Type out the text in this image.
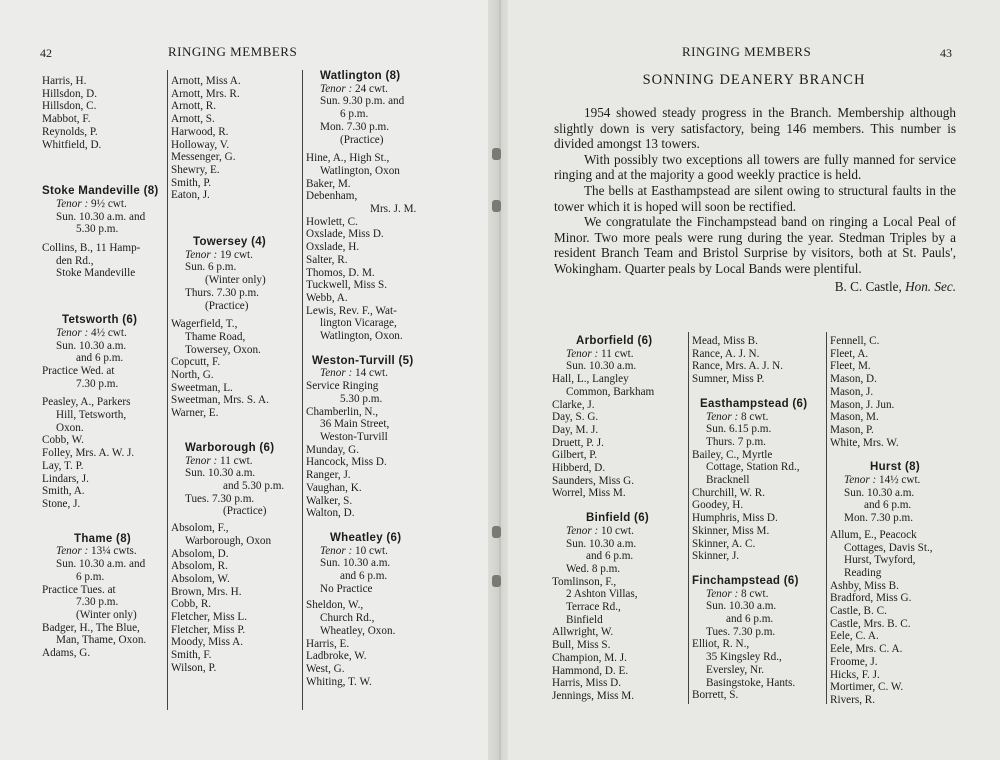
42	RINGING MEMBERS
Harris, H.
Hillsdon, D.
Hillsdon, C.
Mabbot, F.
Reynolds, P.
Whitfield, D.
Stoke Mandeville (8)
Tenor : 9½ cwt.
Sun. 10.30 a.m. and
5.30 p.m.
Collins, B., 11 Hamp-
den Rd.,
Stoke Mandeville
Tetsworth (6)
Tenor : 4½ cwt.
Sun. 10.30 a.m.
and 6 p.m.
Practice Wed. at
7.30 p.m.
Peasley, A., Parkers
Hill, Tetsworth,
Oxon.
Cobb, W.
Folley, Mrs. A. W. J.
Lay, T. P.
Lindars, J.
Smith, A.
Stone, J.
Thame (8)
Tenor : 13¼ cwts.
Sun. 10.30 a.m. and
6 p.m.
Practice Tues. at
7.30 p.m.
(Winter only)
Badger, H., The Blue,
Man, Thame, Oxon.
Adams, G.
Arnott, Miss A.
Arnott, Mrs. R.
Arnott, R.
Arnott, S.
Harwood, R.
Holloway, V.
Messenger, G.
Shewry, E.
Smith, P.
Eaton, J.
Towersey (4)
Tenor : 19 cwt.
Sun. 6 p.m.
(Winter only)
Thurs. 7.30 p.m.
(Practice)
Wagerfield, T.,
Thame Road,
Towersey, Oxon.
Copcutt, F.
North, G.
Sweetman, L.
Sweetman, Mrs. S. A.
Warner, E.
Warborough (6)
Tenor : 11 cwt.
Sun. 10.30 a.m.
and 5.30 p.m.
Tues. 7.30 p.m.
(Practice)
Absolom, F.,
Warborough, Oxon
Absolom, D.
Absolom, R.
Absolom, W.
Brown, Mrs. H.
Cobb, R.
Fletcher, Miss L.
Fletcher, Miss P.
Moody, Miss A.
Smith, F.
Wilson, P.
Watlington (8)
Tenor : 24 cwt.
Sun. 9.30 p.m. and
6 p.m.
Mon. 7.30 p.m.
(Practice)
Hine, A., High St.,
Watlington, Oxon
Baker, M.
Debenham,
Mrs. J. M.
Howlett, C.
Oxslade, Miss D.
Oxslade, H.
Salter, R.
Thomos, D. M.
Tuckwell, Miss S.
Webb, A.
Lewis, Rev. F., Wat-
lington Vicarage,
Watlington, Oxon.
Weston-Turvill (5)
Tenor : 14 cwt.
Service Ringing
5.30 p.m.
Chamberlin, N.,
36 Main Street,
Weston-Turvill
Munday, G.
Hancock, Miss D.
Ranger, J.
Vaughan, K.
Walker, S.
Walton, D.
Wheatley (6)
Tenor : 10 cwt.
Sun. 10.30 a.m.
and 6 p.m.
No Practice
Sheldon, W.,
Church Rd.,
Wheatley, Oxon.
Harris, E.
Ladbroke, W.
West, G.
Whiting, T. W.
RINGING MEMBERS	43
SONNING DEANERY BRANCH

1954 showed steady progress in the Branch. Membership although slightly down is very satisfactory, being 146 members. This number is divided amongst 13 towers.

With possibly two exceptions all towers are fully manned for service ringing and at the majority a good weekly practice is held.

The bells at Easthampstead are silent owing to structural faults in the tower which it is hoped will soon be rectified.

We congratulate the Finchampstead band on ringing a Local Peal of Minor. Two more peals were rung during the year. Stedman Triples by a resident Branch Team and Bristol Surprise by visitors, both at St. Pauls', Wokingham. Quarter peals by Local Bands were plentiful.

B. C. Castle, Hon. Sec.
Arborfield (6)
Tenor : 11 cwt.
Sun. 10.30 a.m.
Hall, L., Langley
Common, Barkham
Clarke, J.
Day, S. G.
Day, M. J.
Druett, P. J.
Gilbert, P.
Hibberd, D.
Saunders, Miss G.
Worrel, Miss M.
Binfield (6)
Tenor : 10 cwt.
Sun. 10.30 a.m.
and 6 p.m.
Wed. 8 p.m.
Tomlinson, F.,
2 Ashton Villas,
Terrace Rd.,
Binfield
Allwright, W.
Bull, Miss S.
Champion, M. J.
Hammond, D. E.
Harris, Miss D.
Jennings, Miss M.
Mead, Miss B.
Rance, A. J. N.
Rance, Mrs. A. J. N.
Sumner, Miss P.
Easthampstead (6)
Tenor : 8 cwt.
Sun. 6.15 p.m.
Thurs. 7 p.m.
Bailey, C., Myrtle
Cottage, Station Rd.,
Bracknell
Churchill, W. R.
Goodey, H.
Humphris, Miss D.
Skinner, Miss M.
Skinner, A. C.
Skinner, J.
Finchampstead (6)
Tenor : 8 cwt.
Sun. 10.30 a.m.
and 6 p.m.
Tues. 7.30 p.m.
Elliot, R. N.,
35 Kingsley Rd.,
Eversley, Nr.
Basingstoke, Hants.
Borrett, S.
Fennell, C.
Fleet, A.
Fleet, M.
Mason, D.
Mason, J.
Mason, J. Jun.
Mason, M.
Mason, P.
White, Mrs. W.
Hurst (8)
Tenor : 14½ cwt.
Sun. 10.30 a.m.
and 6 p.m.
Mon. 7.30 p.m.
Allum, E., Peacock
Cottages, Davis St.,
Hurst, Twyford,
Reading
Ashby, Miss B.
Bradford, Miss G.
Castle, B. C.
Castle, Mrs. B. C.
Eele, C. A.
Eele, Mrs. C. A.
Froome, J.
Hicks, F. J.
Mortimer, C. W.
Rivers, R.
